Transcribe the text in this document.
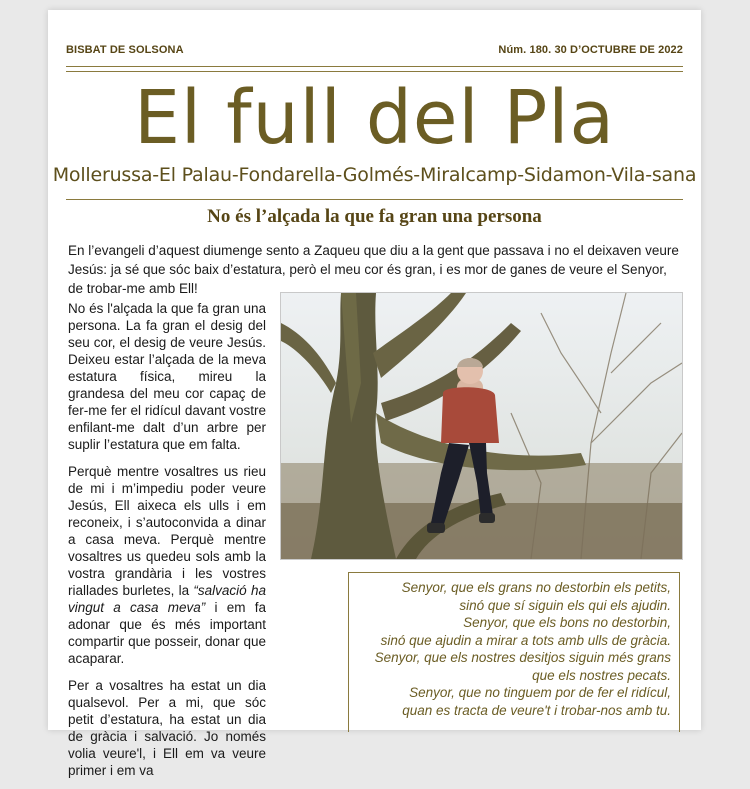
BISBAT DE SOLSONA	Núm. 180. 30 D’OCTUBRE DE 2022
El full del Pla
Mollerussa-El Palau-Fondarella-Golmés-Miralcamp-Sidamon-Vila-sana
No és l’alçada la que fa gran una persona

En l’evangeli d’aquest diumenge sento a Zaqueu que diu a la gent que passava i no el deixaven veure Jesús: ja sé que sóc baix d’estatura, però el meu cor és gran, i es mor de ganes de veure el Senyor, de trobar-me amb Ell!

No és l'alçada la que fa gran una persona. La fa gran el desig del seu cor, el desig de veure Jesús. Deixeu estar l’alçada de la meva estatura física, mireu la grandesa del meu cor capaç de fer-me fer el ridícul davant vostre enfilant-me dalt d’un arbre per suplir l’estatura que em falta.

Perquè mentre vosaltres us rieu de mi i m’impediu poder veure Jesús, Ell aixeca els ulls i em reconeix, i s’autoconvida a dinar a casa meva. Perquè mentre vosaltres us quedeu sols amb la vostra grandària i les vostres riallades burletes, la “salvació ha vingut a casa meva” i em fa adonar que és més important compartir que posseir, donar que acaparar.

Per a vosaltres ha estat un dia qualsevol. Per a mi, que sóc petit d’estatura, ha estat un dia de gràcia i salvació. Jo només volia veure'l, i Ell em va veure primer i em va

Senyor, que els grans no destorbin els petits,
sinó que sí siguin els qui els ajudin.
Senyor, que els bons no destorbin,
sinó que ajudin a mirar a tots amb ulls de gràcia.
Senyor, que els nostres desitjos siguin més grans
que els nostres pecats.
Senyor, que no tinguem por de fer el ridícul,
quan es tracta de veure't i trobar-nos amb tu.
